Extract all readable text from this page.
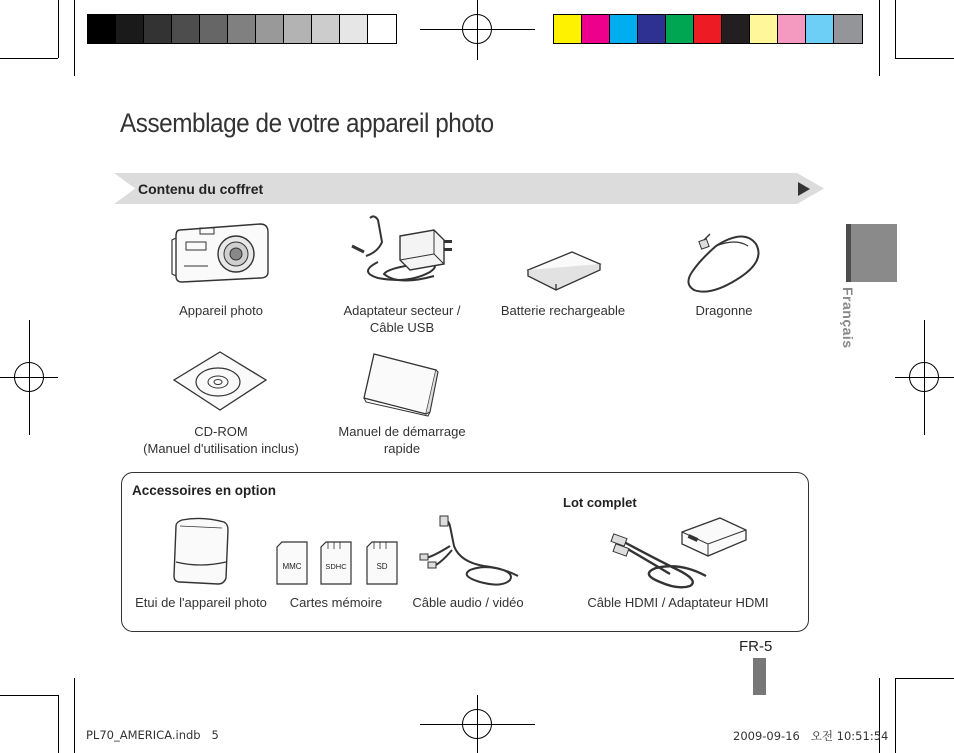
Assemblage de votre appareil photo
Contenu du coffret
Français
Appareil photo	Adaptateur secteur /
Câble USB
Batterie rechargeable	Dragonne
CD-ROM
(Manuel d'utilisation inclus)
Manuel de démarrage
rapide
Accessoires en option
Lot complet
MMC	SDHC	SD
Etui de l'appareil photo	Cartes mémoire	Câble audio / vidéo	Câble HDMI / Adaptateur HDMI
FR-5
PL70_AMERICA.indb   5	2009-09-16   오전 10:51:54
